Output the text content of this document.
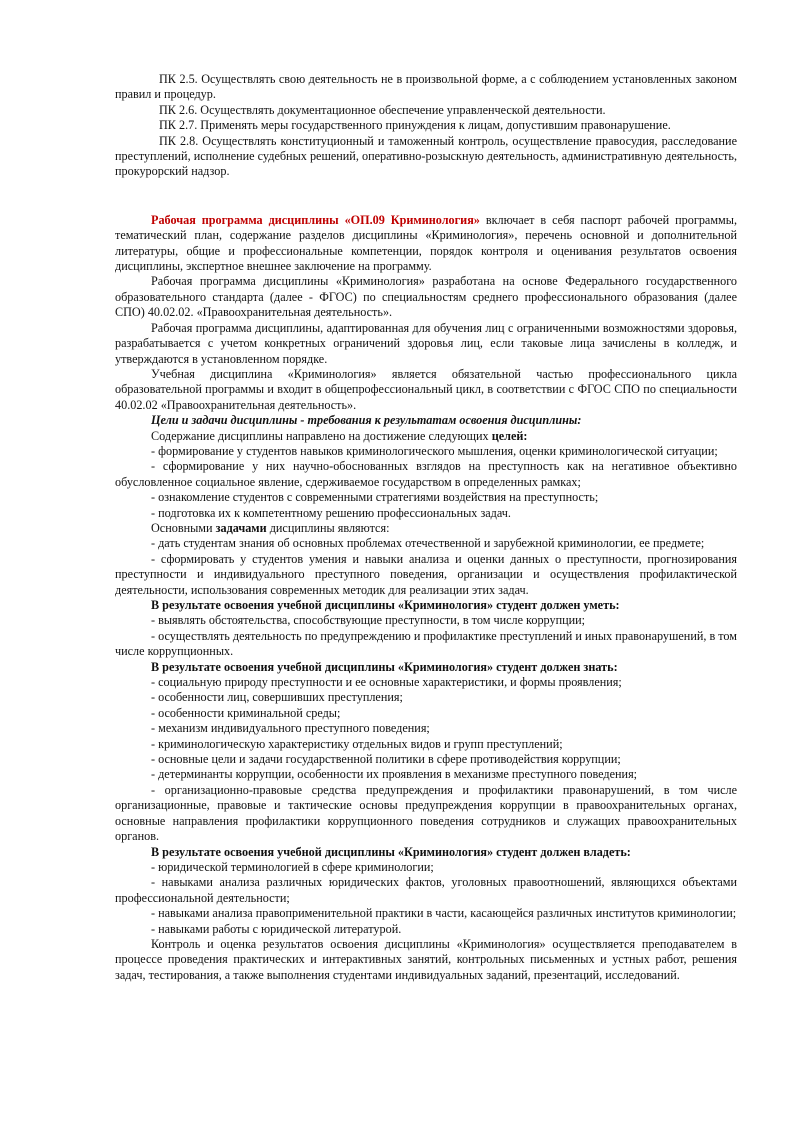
ПК 2.5. Осуществлять свою деятельность не в произвольной форме, а с соблюдением установленных законом правил и процедур.

ПК 2.6. Осуществлять документационное обеспечение управленческой деятельности.

ПК 2.7. Применять меры государственного принуждения к лицам, допустившим правонарушение.

ПК 2.8. Осуществлять конституционный и таможенный контроль, осуществление правосудия, расследование преступлений, исполнение судебных решений, оперативно-розыскную деятельность, административную деятельность, прокурорский надзор.

Рабочая программа дисциплины «ОП.09 Криминология» включает в себя паспорт рабочей программы, тематический план, содержание разделов дисциплины «Криминология», перечень основной и дополнительной литературы, общие и профессиональные компетенции, порядок контроля и оценивания результатов освоения дисциплины, экспертное внешнее заключение на программу.

Рабочая программа дисциплины «Криминология» разработана на основе Федерального государственного образовательного стандарта (далее - ФГОС) по специальностям среднего профессионального образования (далее СПО) 40.02.02. «Правоохранительная деятельность».

Рабочая программа дисциплины, адаптированная для обучения лиц с ограниченными возможностями здоровья, разрабатывается с учетом конкретных ограничений здоровья лиц, если таковые лица зачислены в колледж, и утверждаются в установленном порядке.

Учебная дисциплина «Криминология» является обязательной частью профессионального цикла образовательной программы и входит в общепрофессиональный цикл, в соответствии с ФГОС СПО по специальности 40.02.02 «Правоохранительная деятельность».

Цели и задачи дисциплины - требования к результатам освоения дисциплины:

Содержание дисциплины направлено на достижение следующих целей:

- формирование у студентов навыков криминологического мышления, оценки криминологической ситуации;

- сформирование у них научно-обоснованных взглядов на преступность как на негативное объективно обусловленное социальное явление, сдерживаемое государством в определенных рамках;

- ознакомление студентов с современными стратегиями воздействия на преступность;

- подготовка их к компетентному решению профессиональных задач.

Основными задачами дисциплины являются:

- дать студентам знания об основных проблемах отечественной и зарубежной криминологии, ее предмете;

- сформировать у студентов умения и навыки анализа и оценки данных о преступности, прогнозирования преступности и индивидуального преступного поведения, организации и осуществления профилактической деятельности, использования современных методик для реализации этих задач.

В результате освоения учебной дисциплины «Криминология» студент должен уметь:

- выявлять обстоятельства, способствующие преступности, в том числе коррупции;

- осуществлять деятельность по предупреждению и профилактике преступлений и иных правонарушений, в том числе коррупционных.

В результате освоения учебной дисциплины «Криминология» студент должен знать:

- социальную природу преступности и ее основные характеристики, и формы проявления;

- особенности лиц, совершивших преступления;

- особенности криминальной среды;

- механизм индивидуального преступного поведения;

- криминологическую характеристику отдельных видов и групп преступлений;

- основные цели и задачи государственной политики в сфере противодействия коррупции;

- детерминанты коррупции, особенности их проявления в механизме преступного поведения;

- организационно-правовые средства предупреждения и профилактики правонарушений, в том числе организационные, правовые и тактические основы предупреждения коррупции в правоохранительных органах, основные направления профилактики коррупционного поведения сотрудников и служащих правоохранительных органов.

В результате освоения учебной дисциплины «Криминология» студент должен владеть:

- юридической терминологией в сфере криминологии;

- навыками анализа различных юридических фактов, уголовных правоотношений, являющихся объектами профессиональной деятельности;

- навыками анализа правоприменительной практики в части, касающейся различных институтов криминологии;

- навыками работы с юридической литературой.

Контроль и оценка результатов освоения дисциплины «Криминология» осуществляется преподавателем в процессе проведения практических и интерактивных занятий, контрольных письменных и устных работ, решения задач, тестирования, а также выполнения студентами индивидуальных заданий, презентаций, исследований.
